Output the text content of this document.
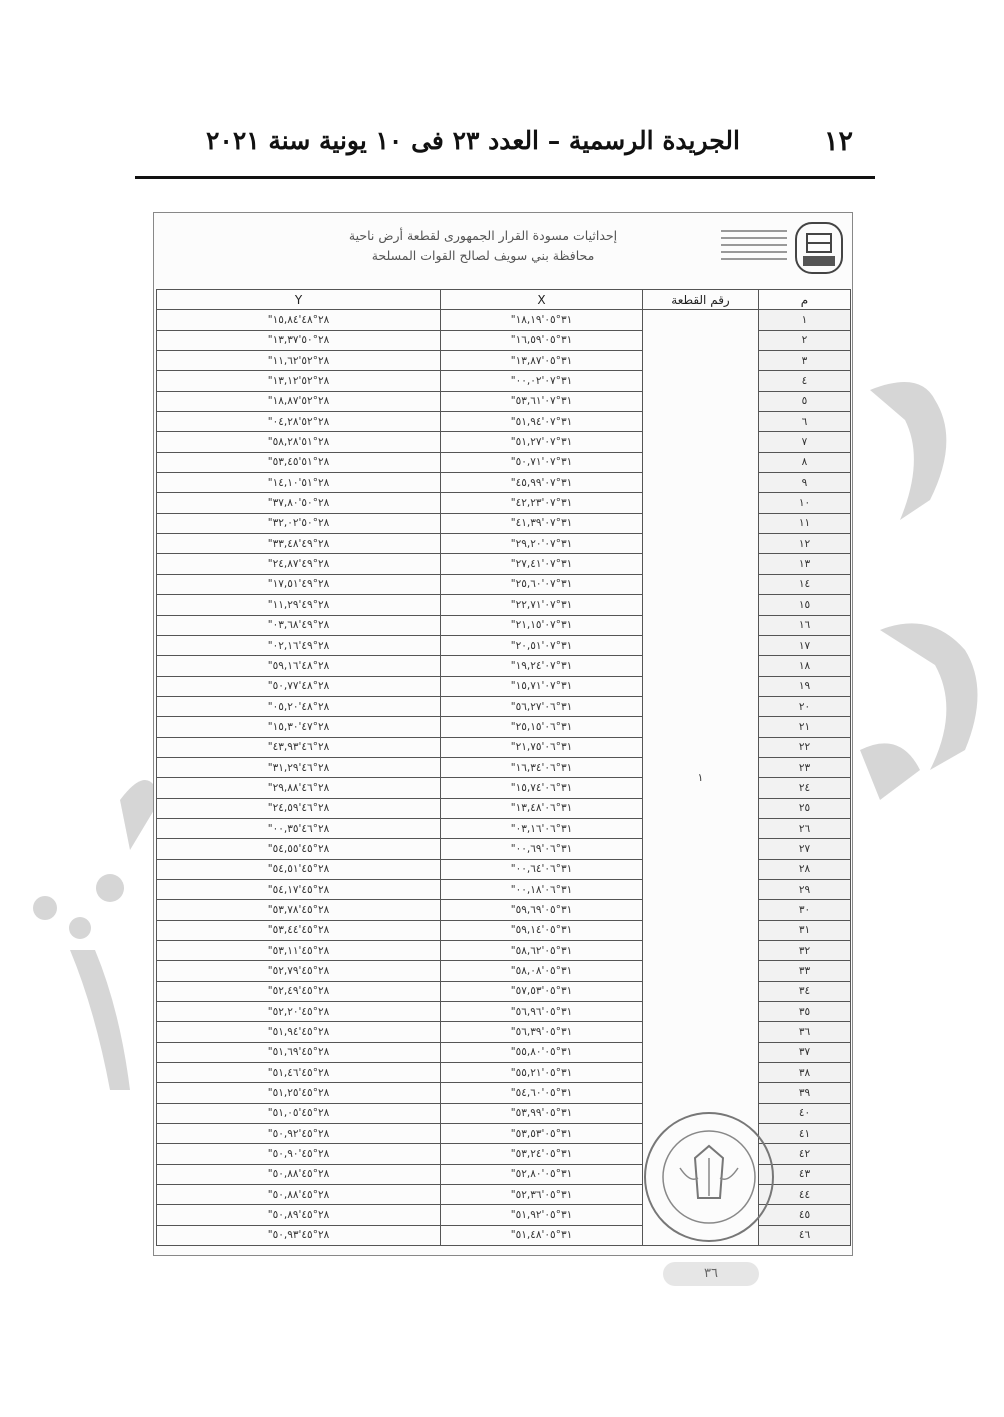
١٢
الجريدة الرسمية – العدد ٢٣ فى ١٠ يونية سنة ٢٠٢١
إحداثيات مسودة القرار الجمهورى لقطعة أرض ناحية
محافظة بني سويف لصالح القوات المسلحة
م	رقم القطعة	X	Y
١	١	٣١°٠٥'١٨,١٩"	٢٨°٤٨'١٥,٨٤"
٢		٣١°٠٥'١٦,٥٩"	٢٨°٥٠'١٣,٣٧"
٣		٣١°٠٥'١٣,٨٧"	٢٨°٥٢'١١,٦٢"
٤		٣١°٠٧'٠٠,٠٢"	٢٨°٥٢'١٣,١٢"
٥		٣١°٠٧'٥٣,٦١"	٢٨°٥٢'١٨,٨٧"
٦		٣١°٠٧'٥١,٩٤"	٢٨°٥٢'٠٤,٢٨"
٧		٣١°٠٧'٥١,٢٧"	٢٨°٥١'٥٨,٢٨"
٨		٣١°٠٧'٥٠,٧١"	٢٨°٥١'٥٣,٤٥"
٩		٣١°٠٧'٤٥,٩٩"	٢٨°٥١'١٤,١٠"
١٠		٣١°٠٧'٤٢,٢٣"	٢٨°٥٠'٣٧,٨٠"
١١		٣١°٠٧'٤١,٣٩"	٢٨°٥٠'٣٢,٠٢"
١٢		٣١°٠٧'٢٩,٢٠"	٢٨°٤٩'٣٣,٤٨"
١٣		٣١°٠٧'٢٧,٤١"	٢٨°٤٩'٢٤,٨٧"
١٤		٣١°٠٧'٢٥,٦٠"	٢٨°٤٩'١٧,٥١"
١٥		٣١°٠٧'٢٢,٧١"	٢٨°٤٩'١١,٢٩"
١٦		٣١°٠٧'٢١,١٥"	٢٨°٤٩'٠٣,٦٨"
١٧		٣١°٠٧'٢٠,٥١"	٢٨°٤٩'٠٢,١٦"
١٨		٣١°٠٧'١٩,٢٤"	٢٨°٤٨'٥٩,١٦"
١٩		٣١°٠٧'١٥,٧١"	٢٨°٤٨'٥٠,٧٧"
٢٠		٣١°٠٦'٥٦,٢٧"	٢٨°٤٨'٠٥,٢٠"
٢١		٣١°٠٦'٢٥,١٥"	٢٨°٤٧'١٥,٣٠"
٢٢		٣١°٠٦'٢١,٧٥"	٢٨°٤٦'٤٣,٩٣"
٢٣		٣١°٠٦'١٦,٣٤"	٢٨°٤٦'٣١,٢٩"
٢٤		٣١°٠٦'١٥,٧٤"	٢٨°٤٦'٢٩,٨٨"
٢٥		٣١°٠٦'١٣,٤٨"	٢٨°٤٦'٢٤,٥٩"
٢٦		٣١°٠٦'٠٣,١٦"	٢٨°٤٦'٠٠,٣٥"
٢٧		٣١°٠٦'٠٠,٦٩"	٢٨°٤٥'٥٤,٥٥"
٢٨		٣١°٠٦'٠٠,٦٤"	٢٨°٤٥'٥٤,٥١"
٢٩		٣١°٠٦'٠٠,١٨"	٢٨°٤٥'٥٤,١٧"
٣٠		٣١°٠٥'٥٩,٦٩"	٢٨°٤٥'٥٣,٧٨"
٣١		٣١°٠٥'٥٩,١٤"	٢٨°٤٥'٥٣,٤٤"
٣٢		٣١°٠٥'٥٨,٦٢"	٢٨°٤٥'٥٣,١١"
٣٣		٣١°٠٥'٥٨,٠٨"	٢٨°٤٥'٥٢,٧٩"
٣٤		٣١°٠٥'٥٧,٥٣"	٢٨°٤٥'٥٢,٤٩"
٣٥		٣١°٠٥'٥٦,٩٦"	٢٨°٤٥'٥٢,٢٠"
٣٦		٣١°٠٥'٥٦,٣٩"	٢٨°٤٥'٥١,٩٤"
٣٧		٣١°٠٥'٥٥,٨٠"	٢٨°٤٥'٥١,٦٩"
٣٨		٣١°٠٥'٥٥,٢١"	٢٨°٤٥'٥١,٤٦"
٣٩		٣١°٠٥'٥٤,٦٠"	٢٨°٤٥'٥١,٢٥"
٤٠		٣١°٠٥'٥٣,٩٩"	٢٨°٤٥'٥١,٠٥"
٤١		٣١°٠٥'٥٣,٥٣"	٢٨°٤٥'٥٠,٩٢"
٤٢		٣١°٠٥'٥٣,٢٤"	٢٨°٤٥'٥٠,٩٠"
٤٣		٣١°٠٥'٥٢,٨٠"	٢٨°٤٥'٥٠,٨٨"
٤٤		٣١°٠٥'٥٢,٣٦"	٢٨°٤٥'٥٠,٨٨"
٤٥		٣١°٠٥'٥١,٩٢"	٢٨°٤٥'٥٠,٨٩"
٤٦		٣١°٠٥'٥١,٤٨"	٢٨°٤٥'٥٠,٩٣"
٣٦
